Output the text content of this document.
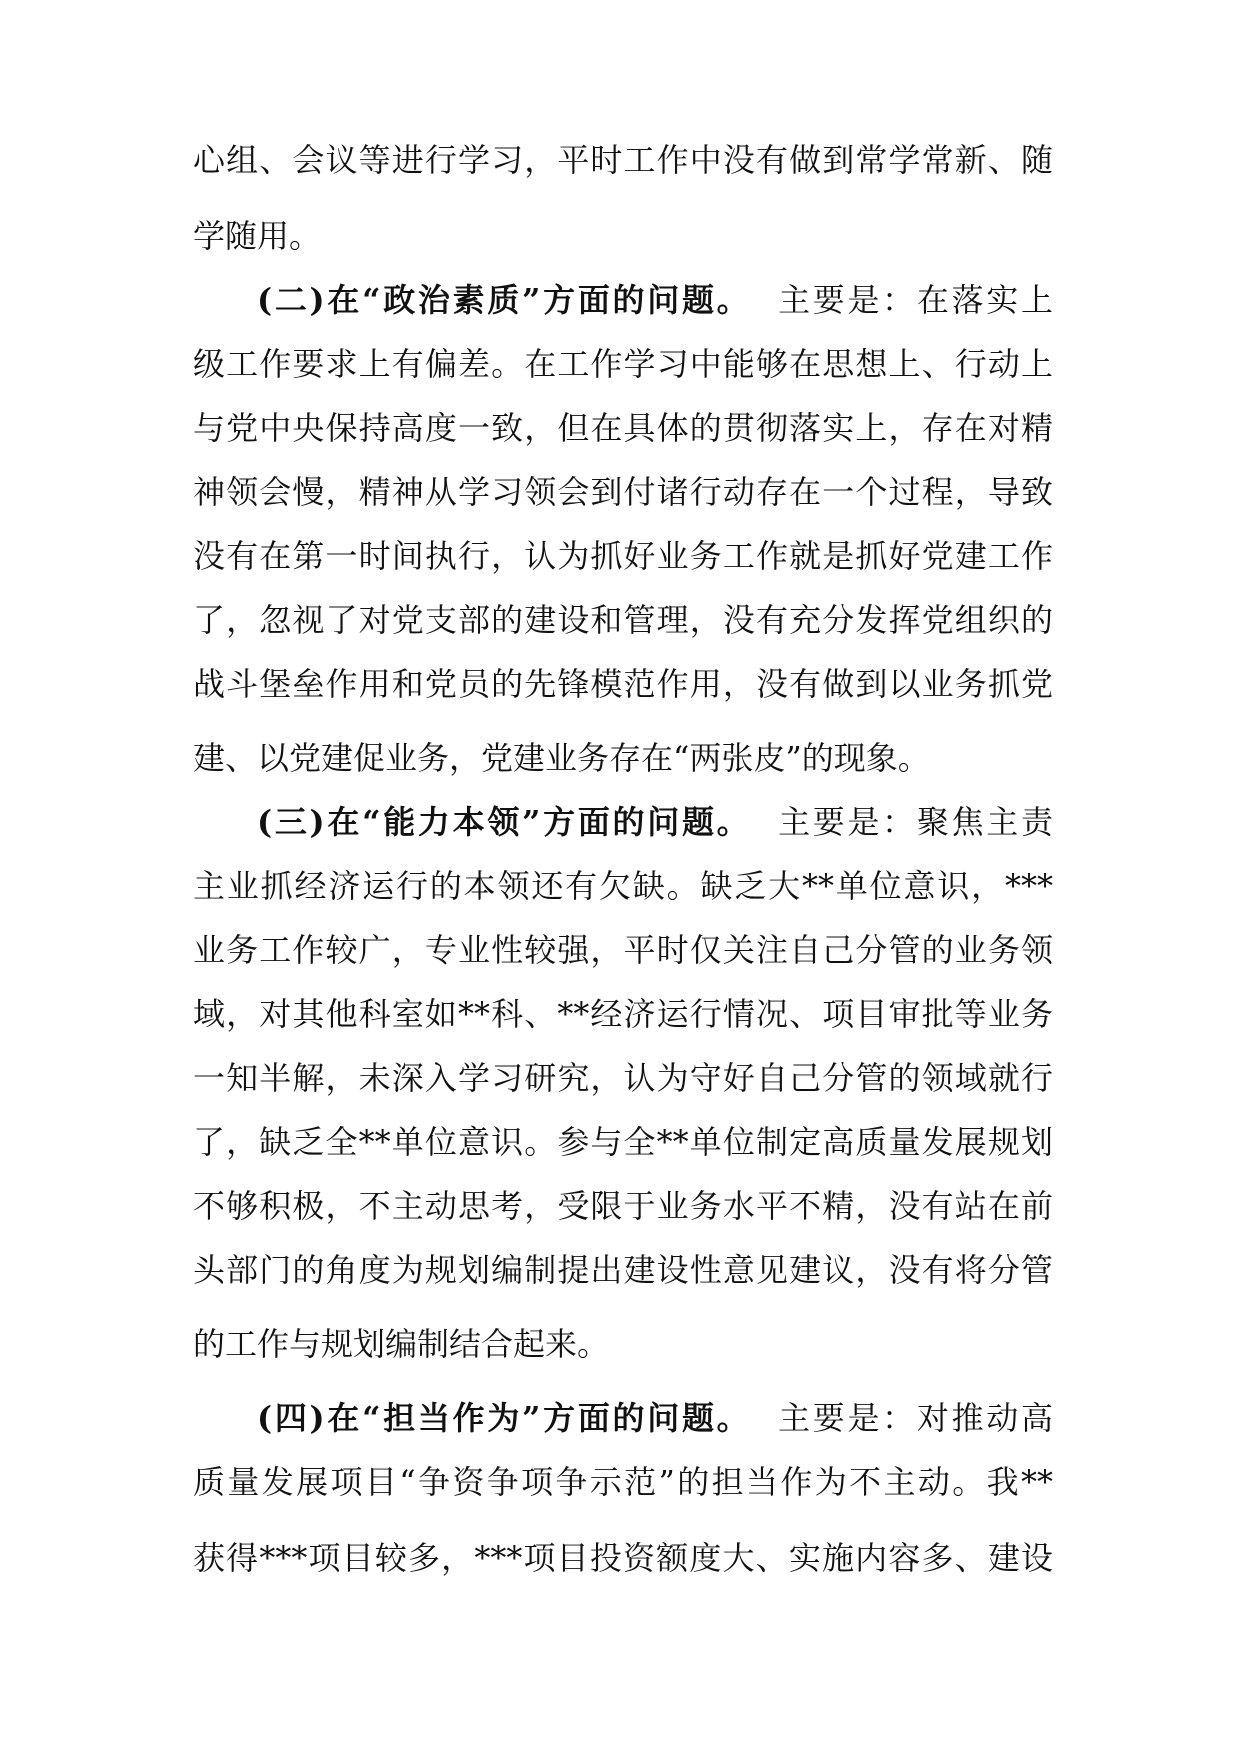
心组、会议等进行学习，平时工作中没有做到常学常新、随
学随用。
(二)在“政治素质”方面的问题。 主要是：在落实上
级工作要求上有偏差。在工作学习中能够在思想上、行动上
与党中央保持高度一致，但在具体的贯彻落实上，存在对精
神领会慢，精神从学习领会到付诸行动存在一个过程，导致
没有在第一时间执行，认为抓好业务工作就是抓好党建工作
了，忽视了对党支部的建设和管理，没有充分发挥党组织的
战斗堡垒作用和党员的先锋模范作用，没有做到以业务抓党
建、以党建促业务，党建业务存在“两张皮”的现象。
(三)在“能力本领”方面的问题。 主要是：聚焦主责
主业抓经济运行的本领还有欠缺。缺乏大**单位意识，***
业务工作较广，专业性较强，平时仅关注自己分管的业务领
域，对其他科室如**科、**经济运行情况、项目审批等业务
一知半解，未深入学习研究，认为守好自己分管的领域就行
了，缺乏全**单位意识。参与全**单位制定高质量发展规划
不够积极，不主动思考，受限于业务水平不精，没有站在前
头部门的角度为规划编制提出建设性意见建议，没有将分管
的工作与规划编制结合起来。
(四)在“担当作为”方面的问题。 主要是：对推动高
质量发展项目“争资争项争示范”的担当作为不主动。我**
获得***项目较多，***项目投资额度大、实施内容多、建设
